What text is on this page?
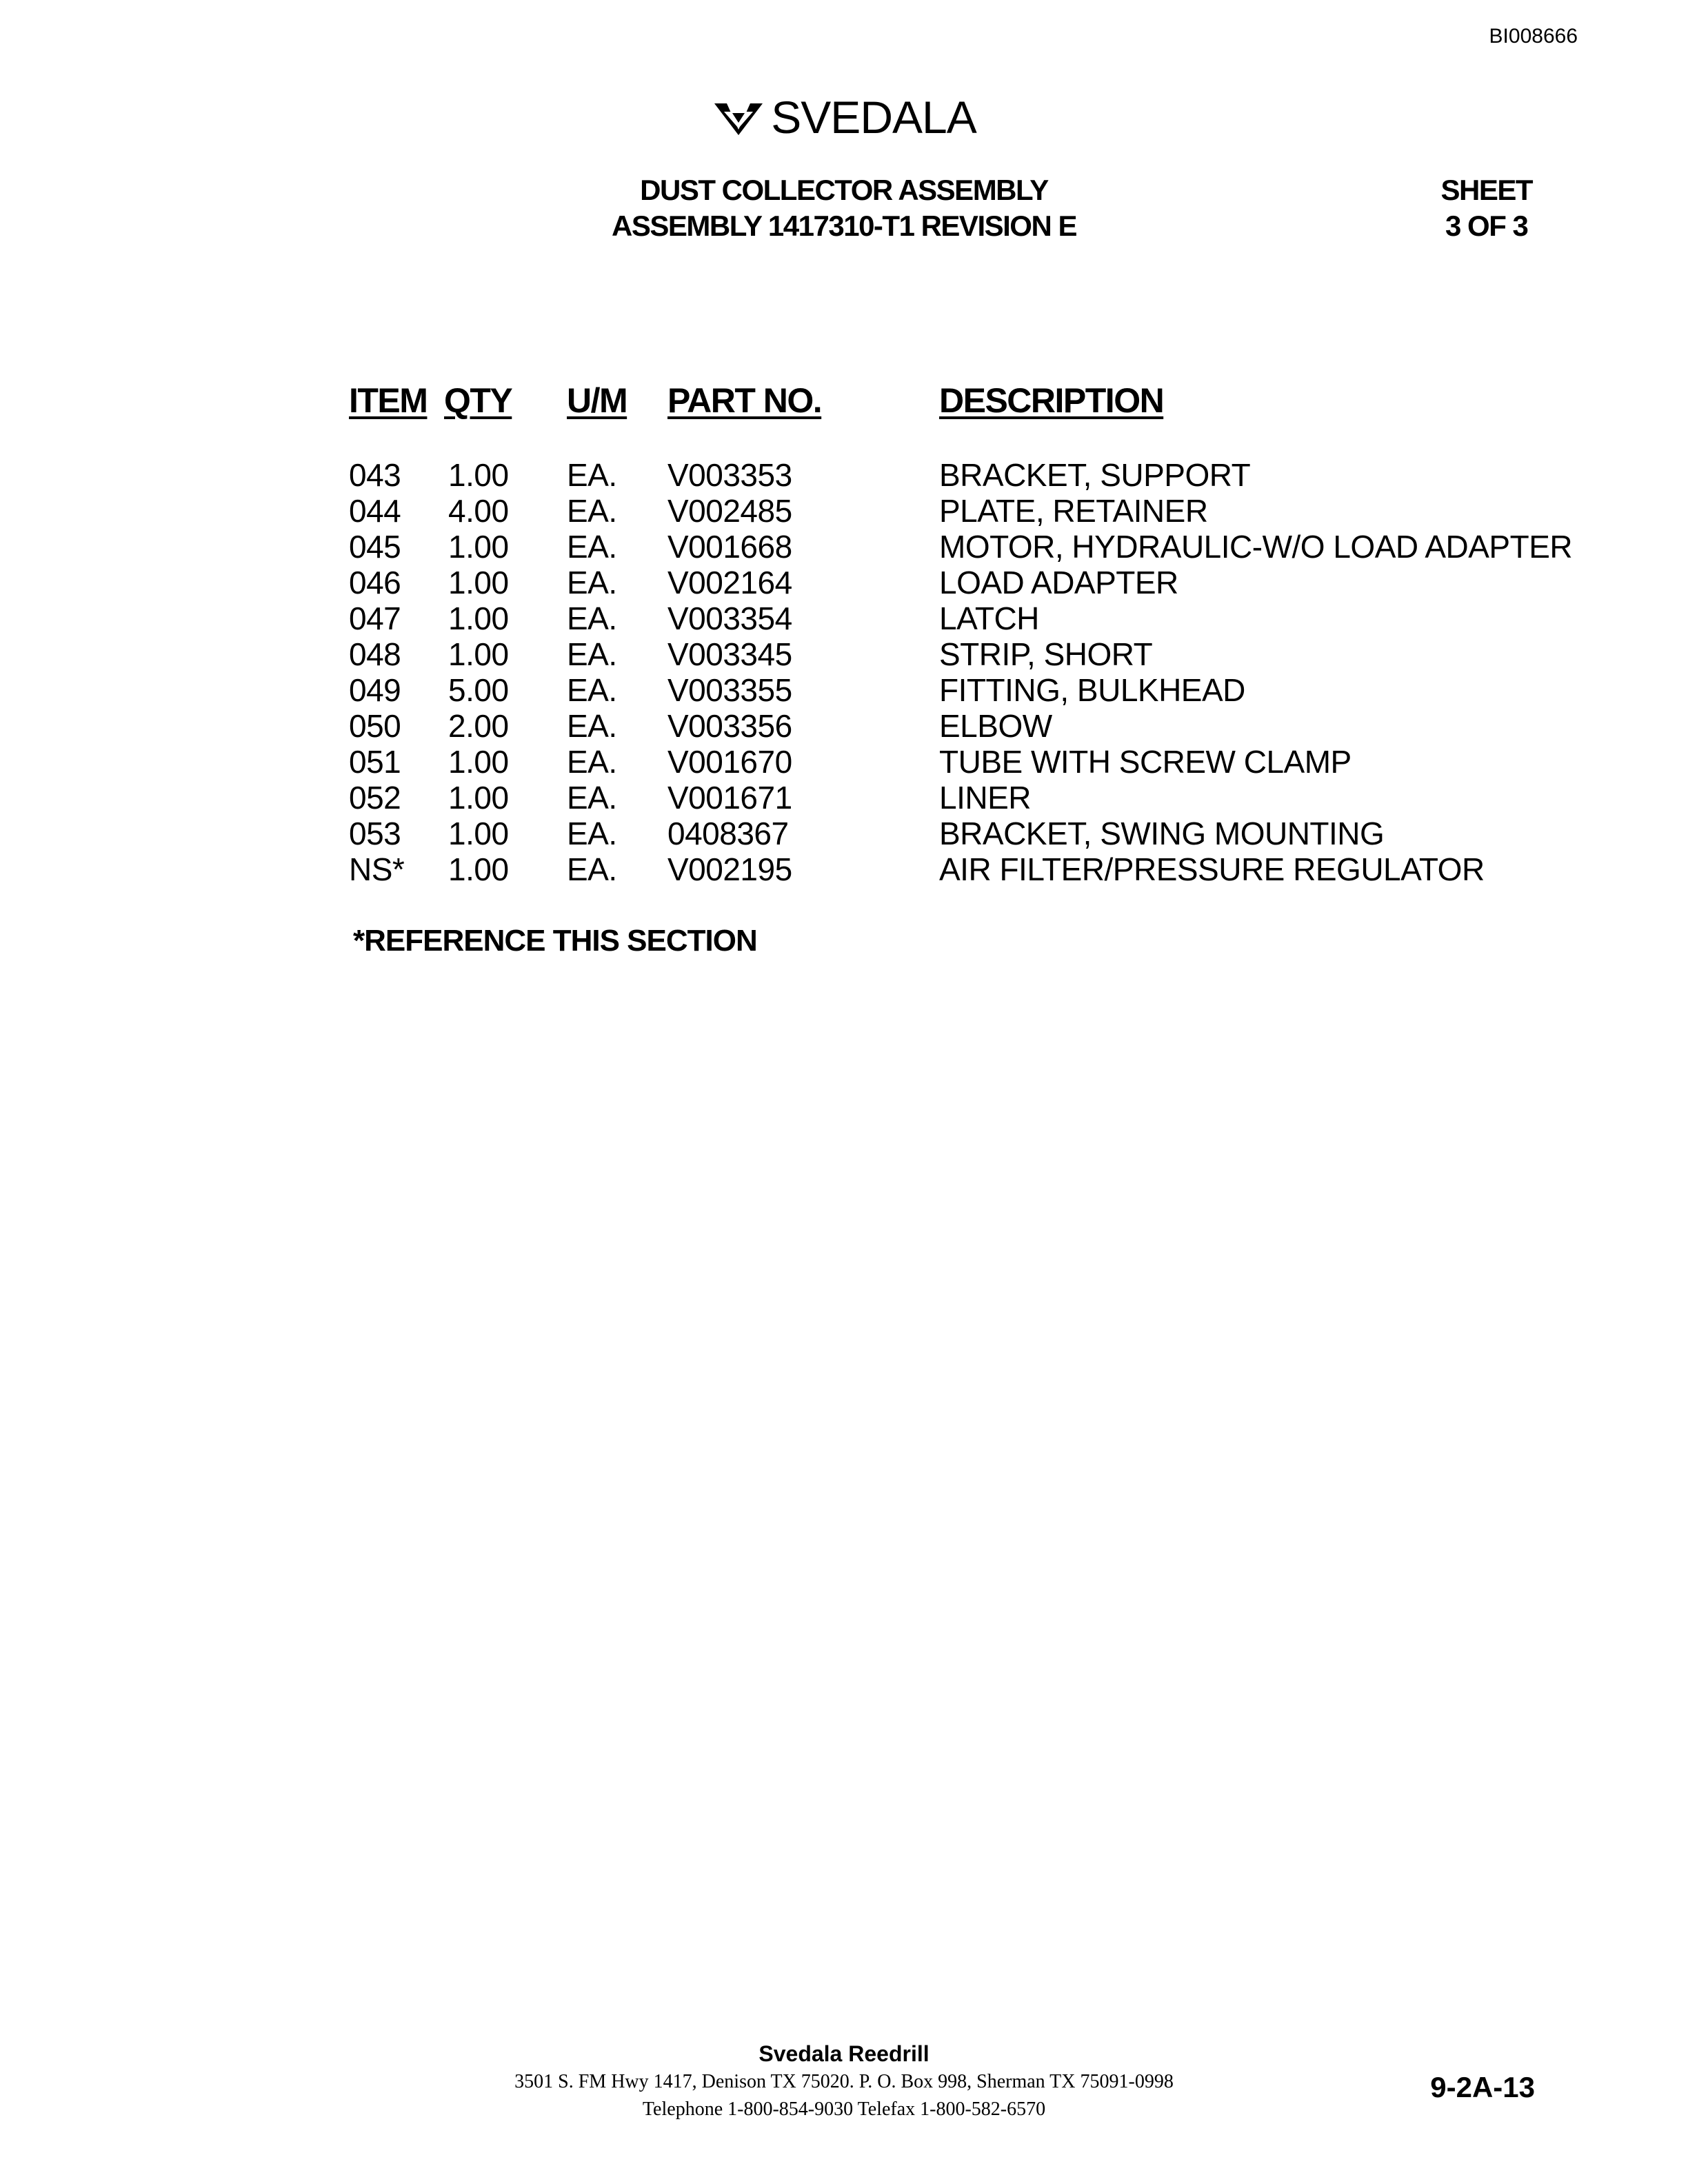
BI008666
SVEDALA
DUST COLLECTOR ASSEMBLY
ASSEMBLY 1417310-T1 REVISION E
SHEET
3 OF 3
ITEM QTY U/M PART NO.	DESCRIPTION
043 1.00 EA. V003353	BRACKET, SUPPORT
044 4.00 EA. V002485	PLATE, RETAINER
045 1.00 EA. V001668	MOTOR, HYDRAULIC-W/O LOAD ADAPTER
046 1.00 EA. V002164	LOAD ADAPTER
047 1.00 EA. V003354	LATCH
048 1.00 EA. V003345	STRIP, SHORT
049 5.00 EA. V003355	FITTING, BULKHEAD
050 2.00 EA. V003356	ELBOW
051 1.00 EA. V001670	TUBE WITH SCREW CLAMP
052 1.00 EA. V001671	LINER
053 1.00 EA. 0408367	BRACKET, SWING MOUNTING
NS* 1.00 EA. V002195	AIR FILTER/PRESSURE REGULATOR
*REFERENCE THIS SECTION
Svedala Reedrill
3501 S. FM Hwy 1417, Denison TX 75020. P. O. Box 998, Sherman TX 75091-0998
Telephone 1-800-854-9030 Telefax 1-800-582-6570
9-2A-13
